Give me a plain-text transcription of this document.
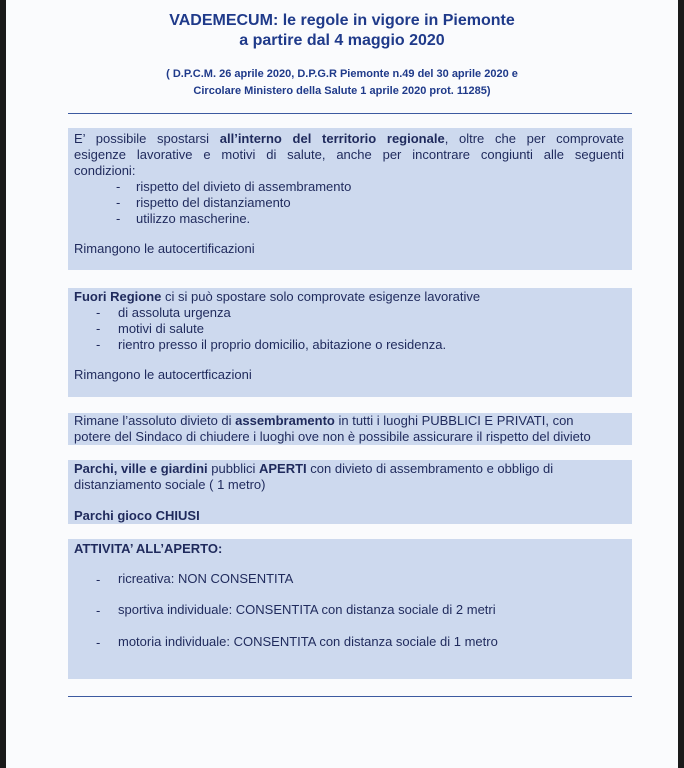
VADEMECUM: le regole in vigore in Piemonte
a partire dal 4 maggio 2020
( D.P.C.M. 26 aprile 2020, D.P.G.R Piemonte n.49 del 30 aprile 2020 e
Circolare Ministero della Salute 1 aprile 2020 prot. 11285)
E’ possibile spostarsi all’interno del territorio regionale, oltre che per comprovate
esigenze lavorative e motivi di salute, anche per incontrare congiunti alle seguenti
condizioni:
- rispetto del divieto di assembramento
- rispetto del distanziamento
- utilizzo mascherine.
Rimangono le autocertificazioni
Fuori Regione ci si può spostare solo comprovate esigenze lavorative
- di assoluta urgenza
- motivi di salute
- rientro presso il proprio domicilio, abitazione o residenza.
Rimangono le autocertficazioni
Rimane l’assoluto divieto di assembramento in tutti i luoghi PUBBLICI E PRIVATI, con
potere del Sindaco di chiudere i luoghi ove non è possibile assicurare il rispetto del divieto
Parchi, ville e giardini pubblici APERTI con divieto di assembramento e obbligo di
distanziamento sociale ( 1 metro)
Parchi gioco CHIUSI
ATTIVITA’ ALL’APERTO:
- ricreativa: NON CONSENTITA
- sportiva individuale: CONSENTITA con distanza sociale di 2 metri
- motoria individuale: CONSENTITA con distanza sociale di 1 metro
